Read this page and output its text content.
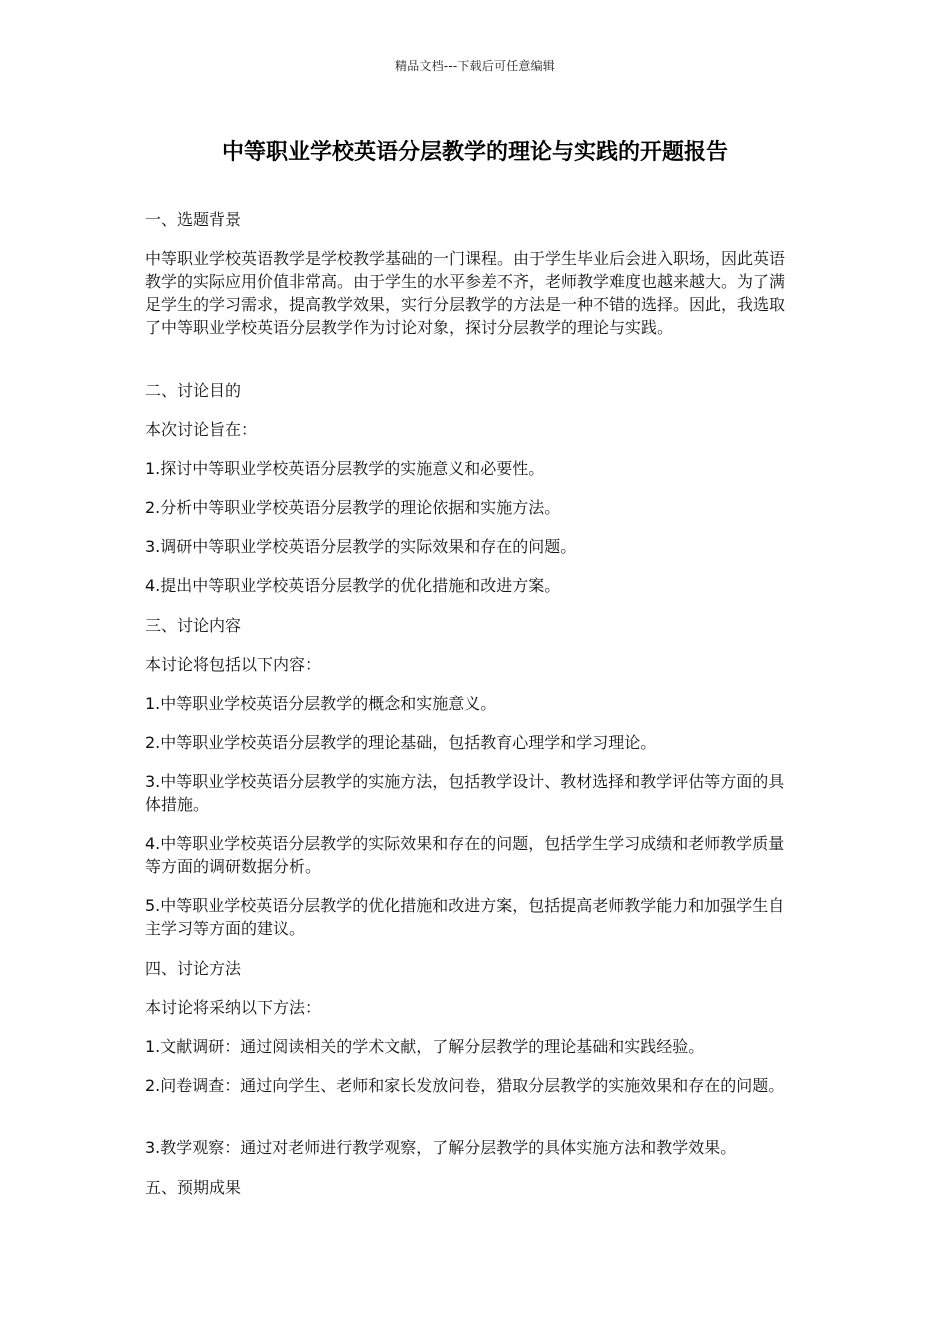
精品文档---下载后可任意编辑
中等职业学校英语分层教学的理论与实践的开题报告

一、选题背景

中等职业学校英语教学是学校教学基础的一门课程。由于学生毕业后会进入职场，因此英语教学的实际应用价值非常高。由于学生的水平参差不齐，老师教学难度也越来越大。为了满足学生的学习需求，提高教学效果，实行分层教学的方法是一种不错的选择。因此，我选取了中等职业学校英语分层教学作为讨论对象，探讨分层教学的理论与实践。

二、讨论目的

本次讨论旨在：

1.探讨中等职业学校英语分层教学的实施意义和必要性。

2.分析中等职业学校英语分层教学的理论依据和实施方法。

3.调研中等职业学校英语分层教学的实际效果和存在的问题。

4.提出中等职业学校英语分层教学的优化措施和改进方案。

三、讨论内容

本讨论将包括以下内容：

1.中等职业学校英语分层教学的概念和实施意义。

2.中等职业学校英语分层教学的理论基础，包括教育心理学和学习理论。

3.中等职业学校英语分层教学的实施方法，包括教学设计、教材选择和教学评估等方面的具体措施。

4.中等职业学校英语分层教学的实际效果和存在的问题，包括学生学习成绩和老师教学质量等方面的调研数据分析。

5.中等职业学校英语分层教学的优化措施和改进方案，包括提高老师教学能力和加强学生自主学习等方面的建议。

四、讨论方法

本讨论将采纳以下方法：

1.文献调研：通过阅读相关的学术文献，了解分层教学的理论基础和实践经验。

2.问卷调查：通过向学生、老师和家长发放问卷，猎取分层教学的实施效果和存在的问题。

3.教学观察：通过对老师进行教学观察，了解分层教学的具体实施方法和教学效果。

五、预期成果
